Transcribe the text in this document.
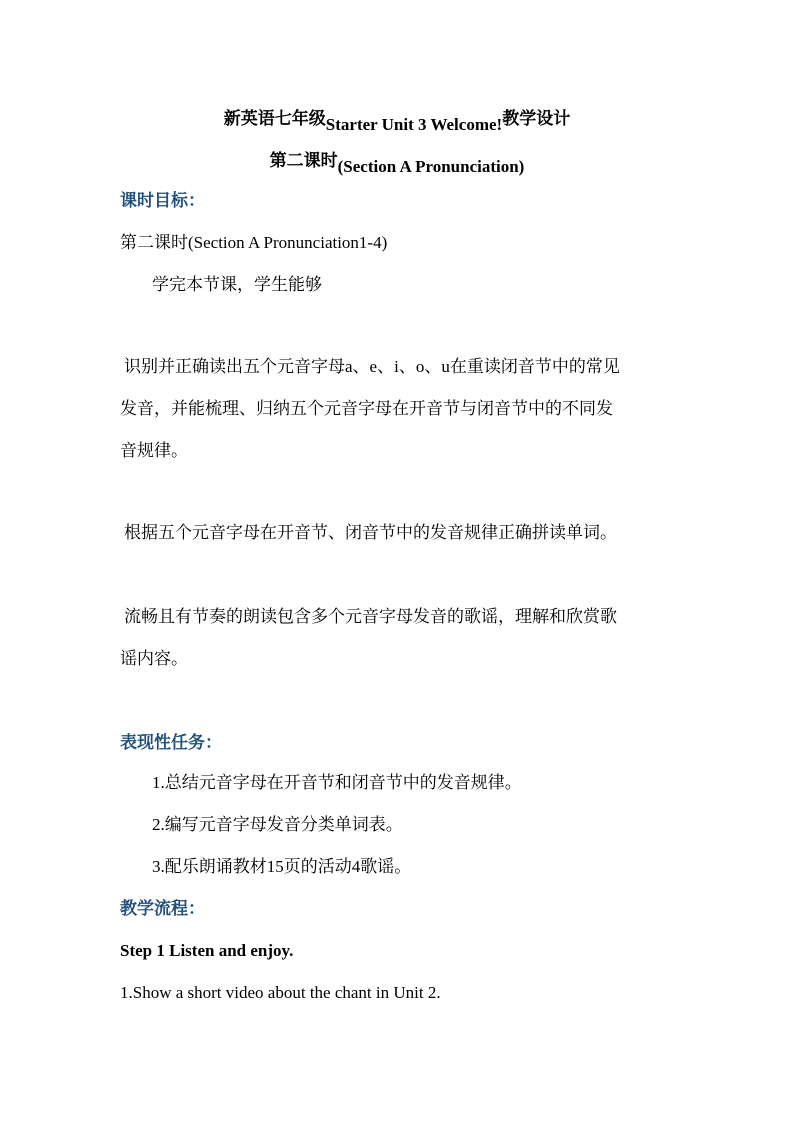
新英语七年级Starter Unit 3 Welcome!教学设计
第二课时(Section A Pronunciation)
课时目标：
第二课时(Section A Pronunciation1-4)
学完本节课，学生能够
识别并正确读出五个元音字母a、e、i、o、u在重读闭音节中的常见
发音，并能梳理、归纳五个元音字母在开音节与闭音节中的不同发
音规律。
根据五个元音字母在开音节、闭音节中的发音规律正确拼读单词。
流畅且有节奏的朗读包含多个元音字母发音的歌谣，理解和欣赏歌
谣内容。
表现性任务：
1.总结元音字母在开音节和闭音节中的发音规律。
2.编写元音字母发音分类单词表。
3.配乐朗诵教材15页的活动4歌谣。
教学流程：
Step 1 Listen and enjoy.
1.Show a short video about the chant in Unit 2.
